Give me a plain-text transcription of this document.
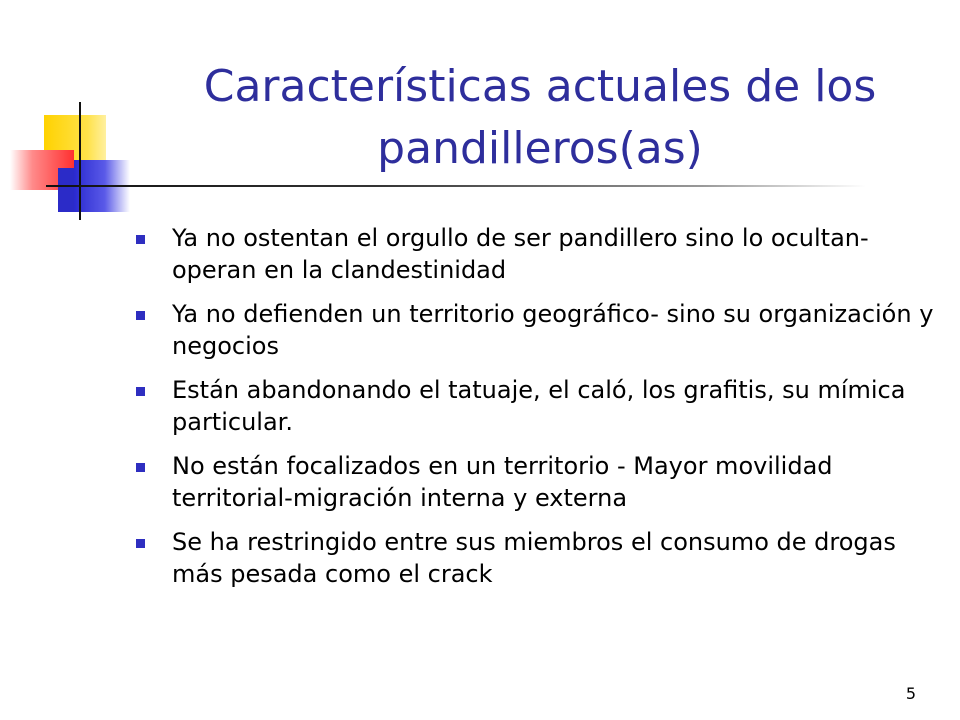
Características actuales de los pandilleros(as)
Ya no ostentan el orgullo de ser pandillero sino lo ocultan- operan en la clandestinidad
Ya no defienden un territorio geográfico- sino su organización y negocios
Están abandonando el tatuaje, el caló, los grafitis, su mímica particular.
No están focalizados en un territorio - Mayor movilidad territorial-migración interna y externa
Se ha restringido entre sus miembros el consumo de drogas más pesada como el crack
5
